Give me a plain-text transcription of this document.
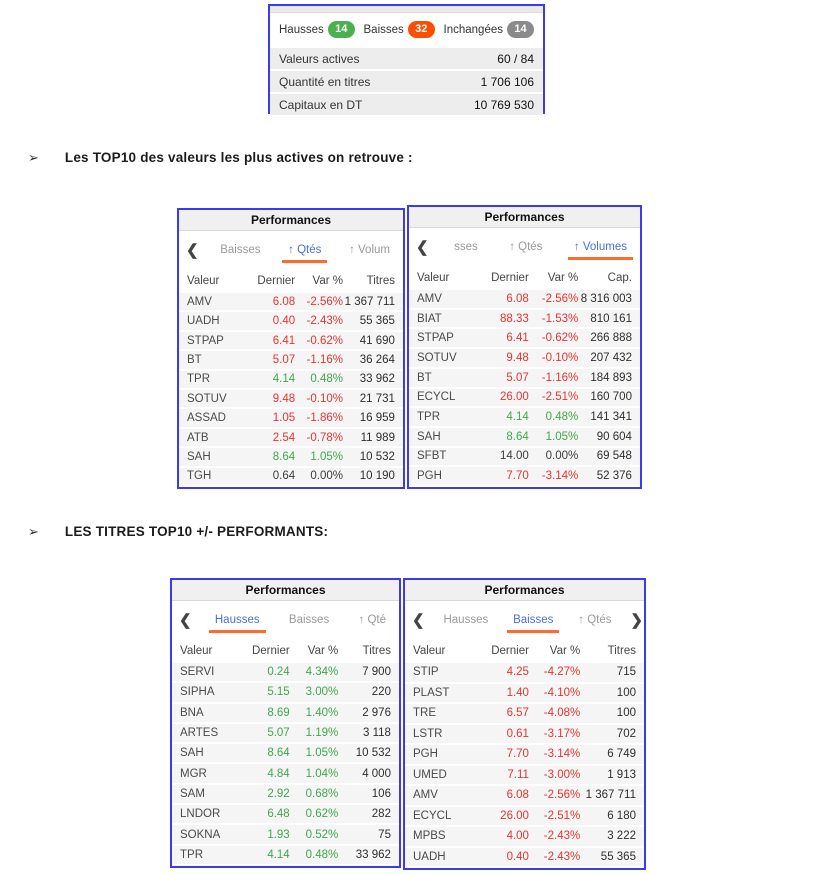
Hausses	14	Baisses	32	Inchangées	14
Valeurs actives	60 / 84
Quantité en titres	1 706 106
Capitaux en DT	10 769 530
➢ Les TOP10 des valeurs les plus actives on retrouve :
➢ LES TITRES TOP10 +/- PERFORMANTS:
Performances
❮	Baisses	↑ Qtés	↑ Volum
Valeur	Dernier	Var %	Titres
AMV	6.08 -2.56% 1 367 711
UADH	0.40 -2.43%	55 365
STPAP	6.41 -0.62%	41 690
BT	5.07 -1.16%	36 264
TPR	4.14	0.48%	33 962
SOTUV	9.48 -0.10%	21 731
ASSAD	1.05 -1.86%	16 959
ATB	2.54 -0.78%	11 989
SAH	8.64	1.05%	10 532
TGH	0.64	0.00%	10 190
Performances
❮	sses	↑ Qtés	↑ Volumes
Valeur	Dernier	Var %	Cap.
AMV	6.08	-2.56% 8 316 003
BIAT	88.33	-1.53%	810 161
STPAP	6.41	-0.62%	266 888
SOTUV	9.48	-0.10%	207 432
BT	5.07	-1.16%	184 893
ECYCL	26.00	-2.51%	160 700
TPR	4.14	0.48%	141 341
SAH	8.64	1.05%	90 604
SFBT	14.00	0.00%	69 548
PGH	7.70	-3.14%	52 376
Performances
❮	Hausses	Baisses	↑ Qté
Valeur	Dernier	Var %	Titres
SERVI	0.24	4.34%	7 900
SIPHA	5.15	3.00%	220
BNA	8.69	1.40%	2 976
ARTES	5.07	1.19%	3 118
SAH	8.64	1.05%	10 532
MGR	4.84	1.04%	4 000
SAM	2.92	0.68%	106
LNDOR	6.48	0.62%	282
SOKNA	1.93	0.52%	75
TPR	4.14	0.48%	33 962
Performances
❮	Hausses	Baisses	↑ Qtés	❯
Valeur	Dernier	Var %	Titres
STIP	4.25	-4.27%	715
PLAST	1.40	-4.10%	100
TRE	6.57	-4.08%	100
LSTR	0.61	-3.17%	702
PGH	7.70	-3.14%	6 749
UMED	7.11	-3.00%	1 913
AMV	6.08	-2.56% 1 367 711
ECYCL	26.00	-2.51%	6 180
MPBS	4.00	-2.43%	3 222
UADH	0.40	-2.43%	55 365
